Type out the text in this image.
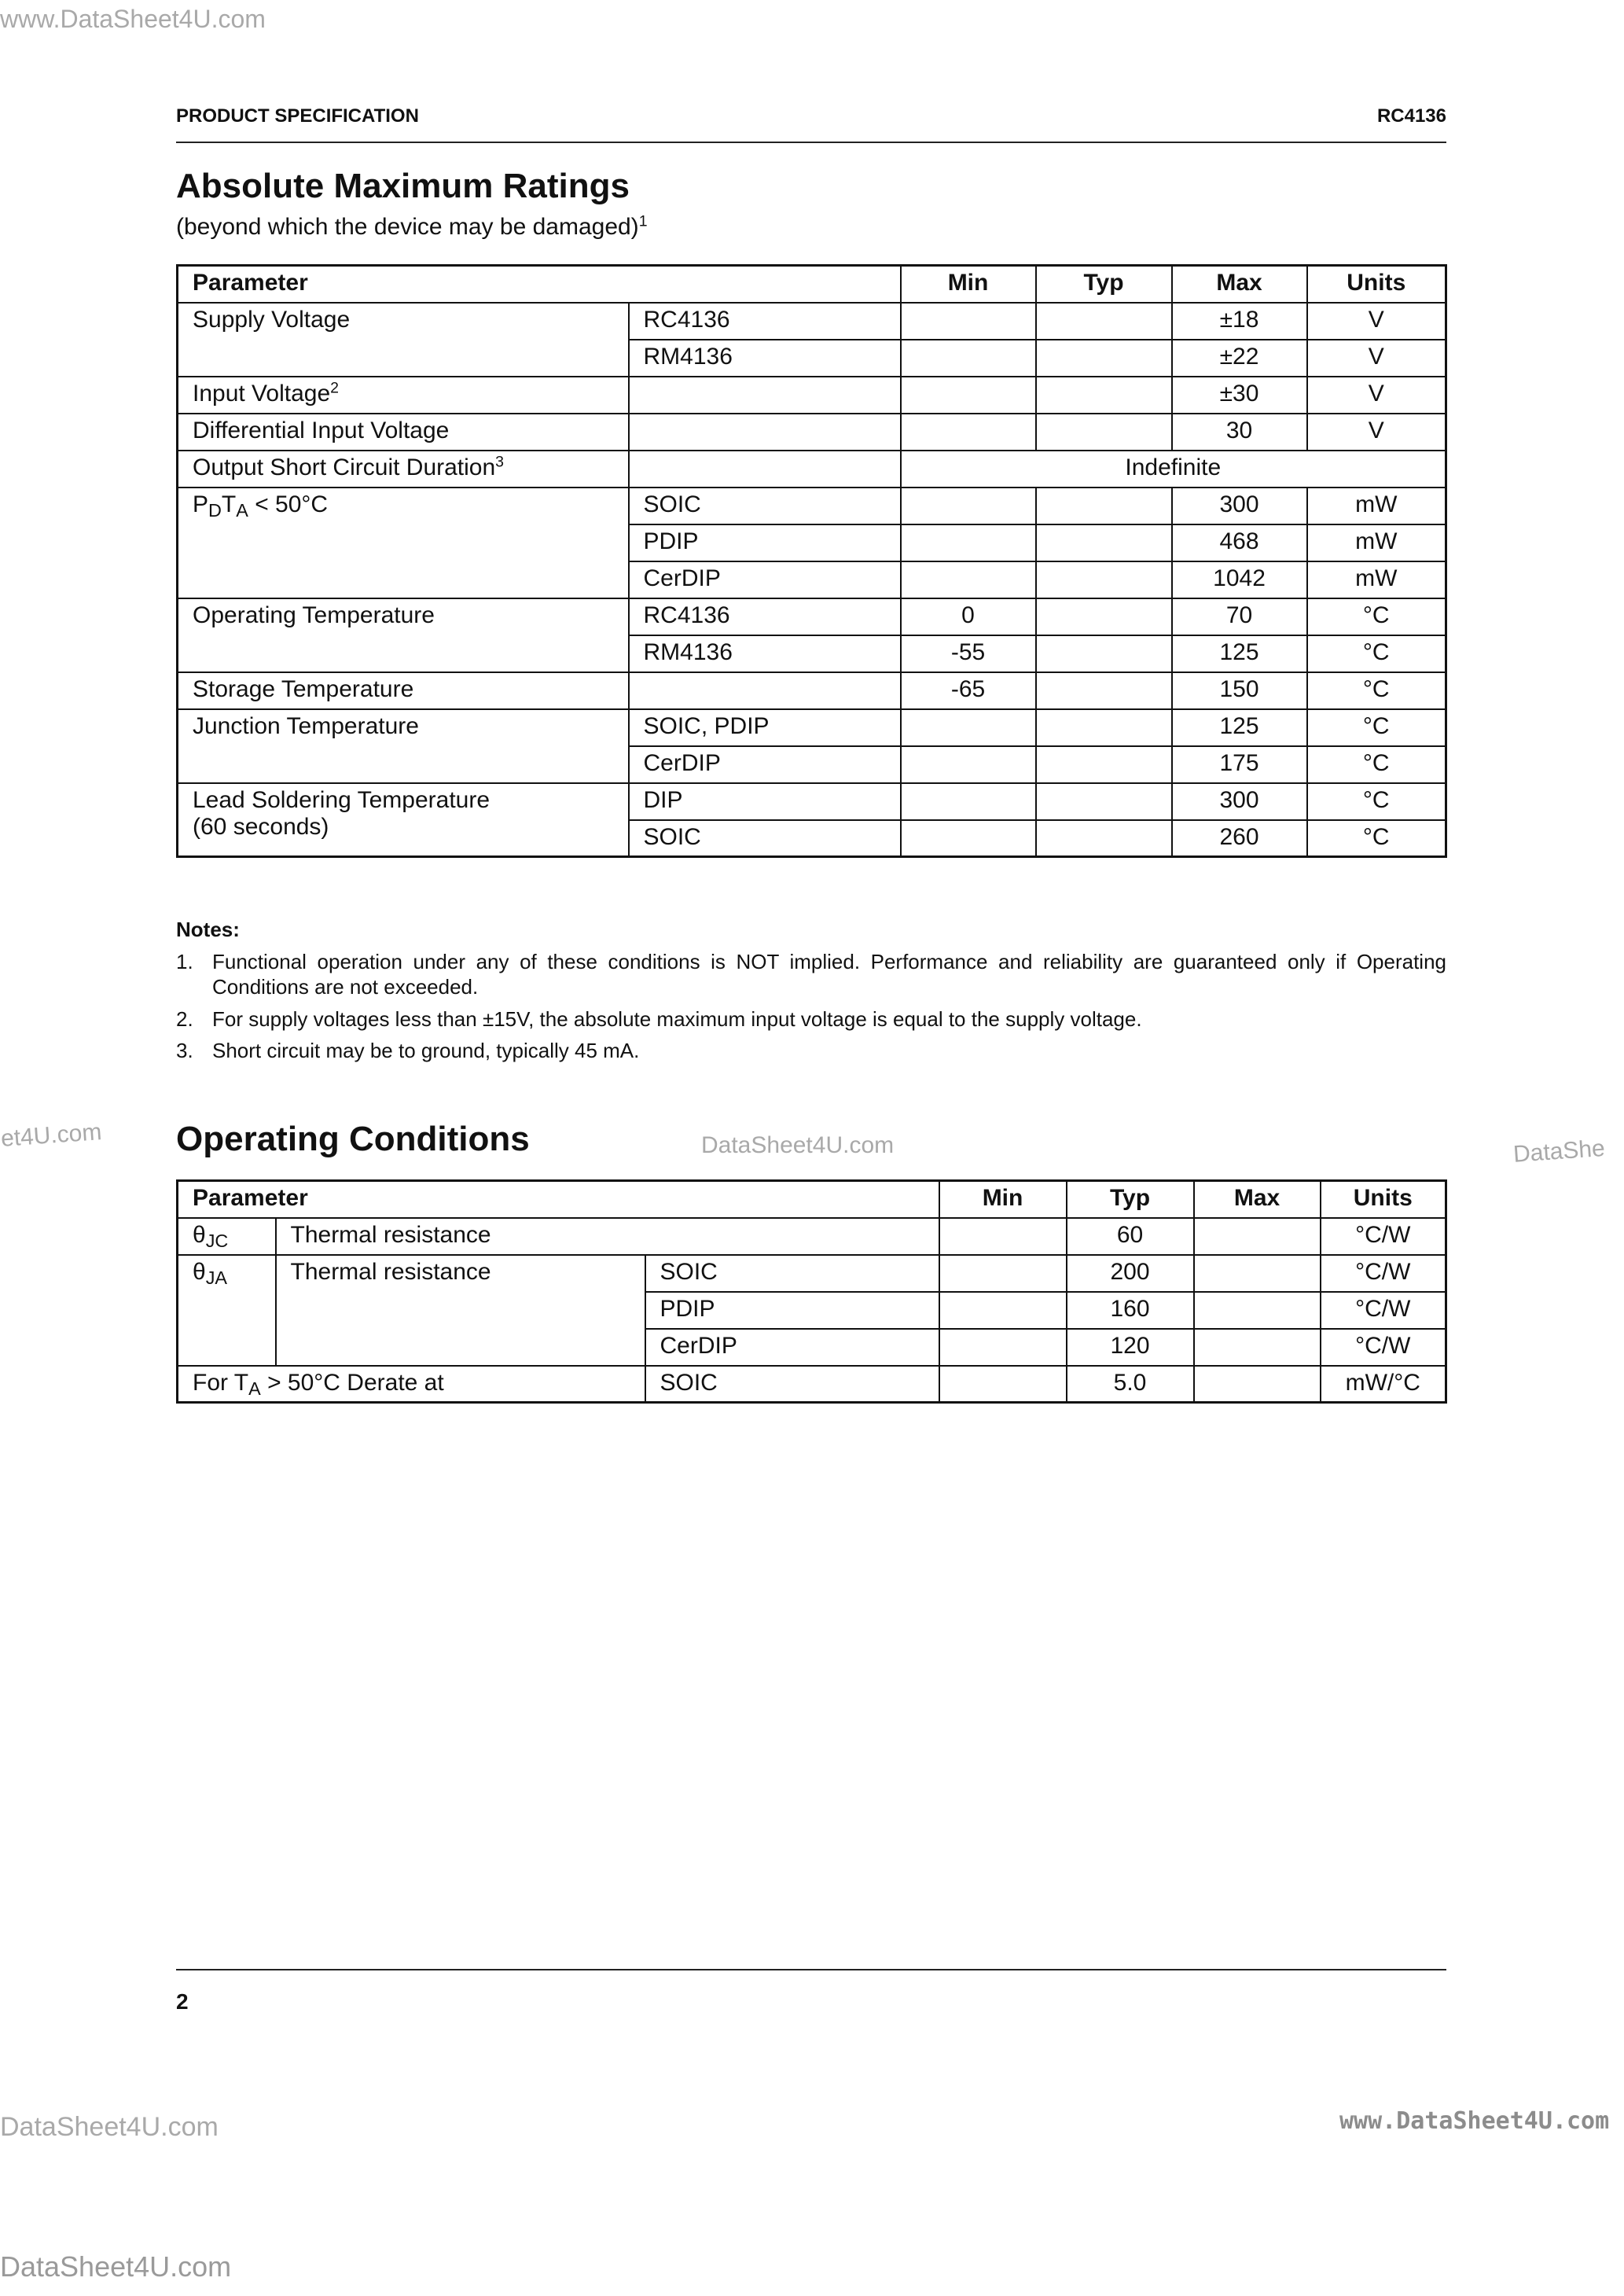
www.DataSheet4U.com
et4U.com	DataSheet4U.com	DataShe
DataSheet4U.com	www.DataSheet4U.com
DataSheet4U.com
PRODUCT SPECIFICATION	RC4136
Absolute Maximum Ratings
(beyond which the device may be damaged)$^1$
Parameter		Min	Typ	Max	Units
Supply Voltage	RC4136			±18	V
	RM4136			±22	V
Input Voltage$^2$				±30	V
Differential Input Voltage				30	V
Output Short Circuit Duration$^3$		Indefinite			
$P_DT_A < 50^\circ C$	SOIC			300	mW
	PDIP			468	mW
	CerDIP			1042	mW
Operating Temperature	RC4136	0		70	°C
	RM4136	-55		125	°C
Storage Temperature		-65		150	°C
Junction Temperature	SOIC, PDIP			125	°C
	CerDIP			175	°C

Lead Soldering Temperature
(60 seconds)	DIP			300	°C
	SOIC			260	°C
Notes:
1. Functional operation under any of these conditions is NOT implied. Performance and reliability are guaranteed only if Operating Conditions are not exceeded.
2. For supply voltages less than ±15V, the absolute maximum input voltage is equal to the supply voltage.
3. Short circuit may be to ground, typically 45 mA.
Operating Conditions
Parameter			Min	Typ	Max	Units
$\theta_{JC}$	Thermal resistance			60		°C/W
$\theta_{JA}$	Thermal resistance	SOIC		200		°C/W
		PDIP		160		°C/W
		CerDIP		120		°C/W
For $T_A > 50^\circ C$ Derate at		SOIC		5.0		mW/°C
2
